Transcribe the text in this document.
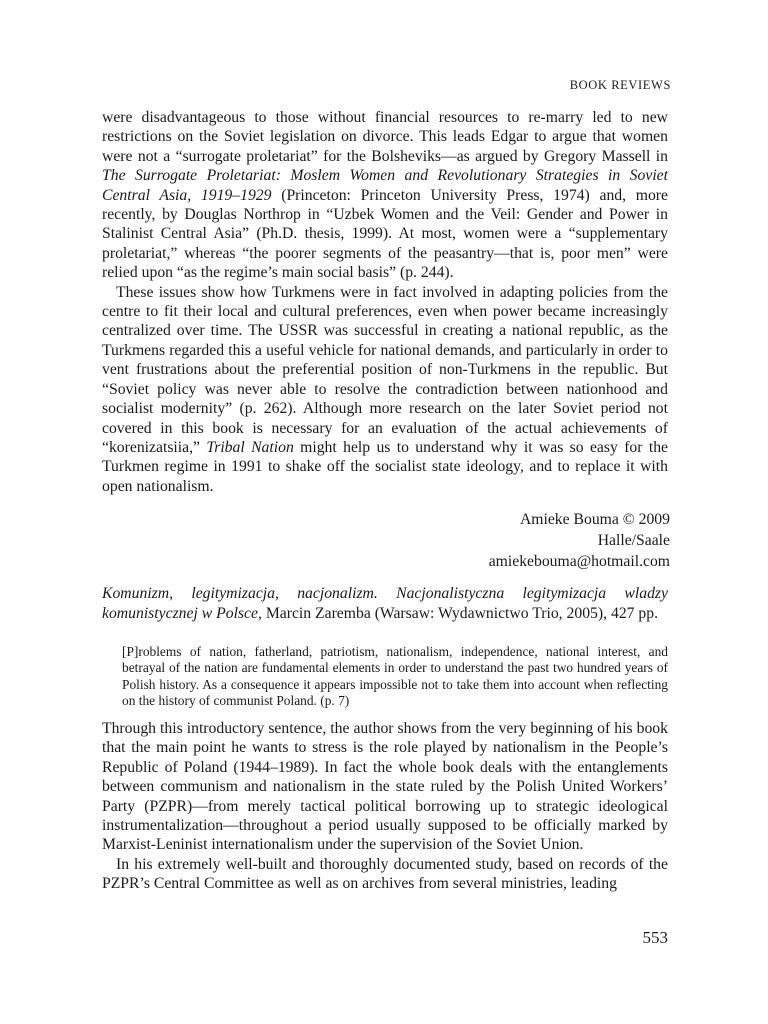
BOOK REVIEWS

were disadvantageous to those without financial resources to re-marry led to new restrictions on the Soviet legislation on divorce. This leads Edgar to argue that women were not a “surrogate proletariat” for the Bolsheviks—as argued by Gregory Massell in The Surrogate Proletariat: Moslem Women and Revolutionary Strategies in Soviet Central Asia, 1919–1929 (Princeton: Princeton University Press, 1974) and, more recently, by Douglas Northrop in “Uzbek Women and the Veil: Gender and Power in Stalinist Central Asia” (Ph.D. thesis, 1999). At most, women were a “supplementary proletariat,” whereas “the poorer segments of the peasantry—that is, poor men” were relied upon “as the regime’s main social basis” (p. 244).

These issues show how Turkmens were in fact involved in adapting policies from the centre to fit their local and cultural preferences, even when power became increasingly centralized over time. The USSR was successful in creating a national republic, as the Turkmens regarded this a useful vehicle for national demands, and particularly in order to vent frustrations about the preferential position of non-Turkmens in the republic. But “Soviet policy was never able to resolve the contradiction between nationhood and socialist modernity” (p. 262). Although more research on the later Soviet period not covered in this book is necessary for an evaluation of the actual achievements of “korenizatsiia,” Tribal Nation might help us to understand why it was so easy for the Turkmen regime in 1991 to shake off the socialist state ideology, and to replace it with open nationalism.

Amieke Bouma © 2009
Halle/Saale
amiekebouma@hotmail.com
Komunizm, legitymizacja, nacjonalizm. Nacjonalistyczna legitymizacja wladzy komunistycznej w Polsce, Marcin Zaremba (Warsaw: Wydawnictwo Trio, 2005), 427 pp.
[P]roblems of nation, fatherland, patriotism, nationalism, independence, national interest, and betrayal of the nation are fundamental elements in order to understand the past two hundred years of Polish history. As a consequence it appears impossible not to take them into account when reflecting on the history of communist Poland. (p. 7)

Through this introductory sentence, the author shows from the very beginning of his book that the main point he wants to stress is the role played by nationalism in the People’s Republic of Poland (1944–1989). In fact the whole book deals with the entanglements between communism and nationalism in the state ruled by the Polish United Workers’ Party (PZPR)—from merely tactical political borrowing up to strategic ideological instrumentalization—throughout a period usually supposed to be officially marked by Marxist-Leninist internationalism under the supervision of the Soviet Union.

In his extremely well-built and thoroughly documented study, based on records of the PZPR’s Central Committee as well as on archives from several ministries, leading

553
